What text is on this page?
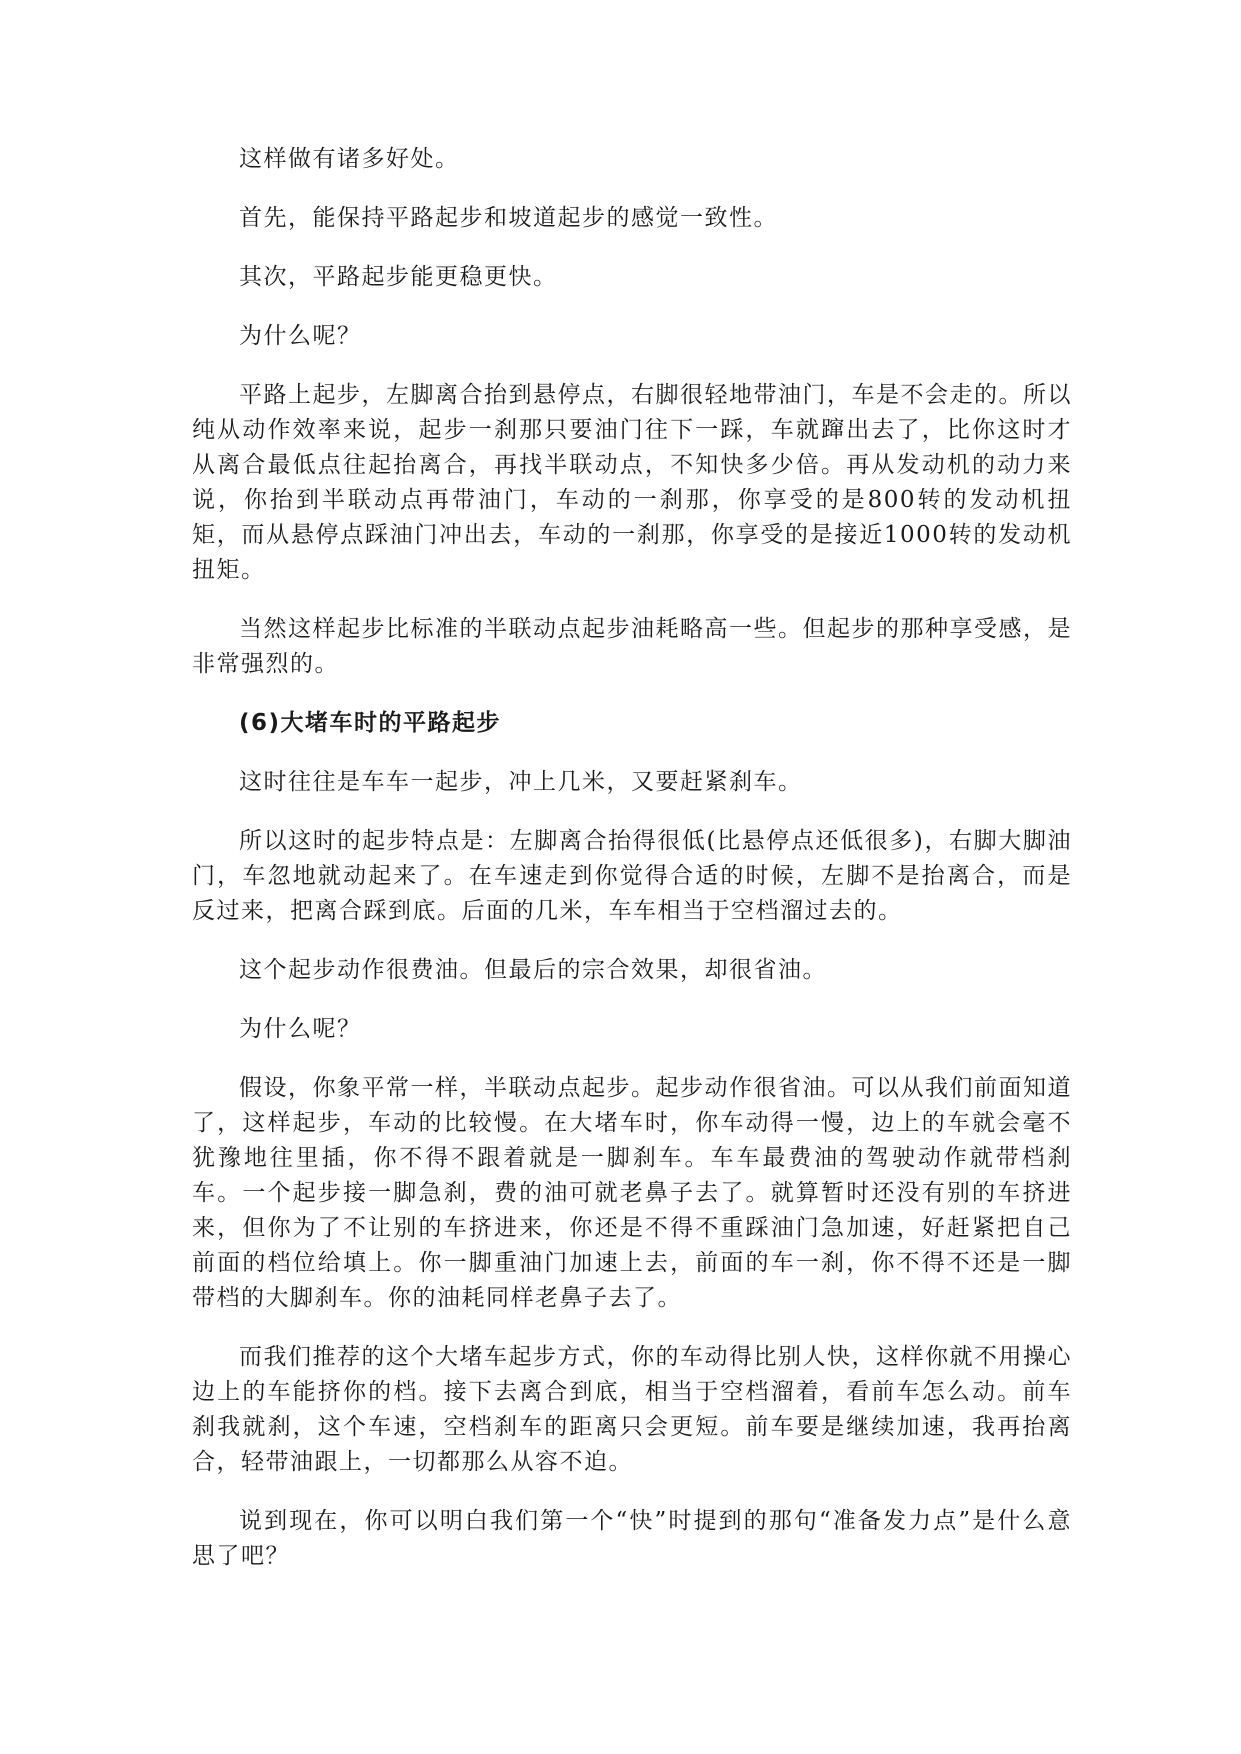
这样做有诸多好处。

首先，能保持平路起步和坡道起步的感觉一致性。

其次，平路起步能更稳更快。

为什么呢？

平路上起步，左脚离合抬到悬停点，右脚很轻地带油门，车是不会走的。所以纯从动作效率来说，起步一刹那只要油门往下一踩，车就蹿出去了，比你这时才从离合最低点往起抬离合，再找半联动点，不知快多少倍。再从发动机的动力来说，你抬到半联动点再带油门，车动的一刹那，你享受的是800转的发动机扭矩，而从悬停点踩油门冲出去，车动的一刹那，你享受的是接近1000转的发动机扭矩。

当然这样起步比标准的半联动点起步油耗略高一些。但起步的那种享受感，是非常强烈的。

(6)大堵车时的平路起步

这时往往是车车一起步，冲上几米，又要赶紧刹车。

所以这时的起步特点是：左脚离合抬得很低(比悬停点还低很多)，右脚大脚油门，车忽地就动起来了。在车速走到你觉得合适的时候，左脚不是抬离合，而是反过来，把离合踩到底。后面的几米，车车相当于空档溜过去的。

这个起步动作很费油。但最后的宗合效果，却很省油。

为什么呢？

假设，你象平常一样，半联动点起步。起步动作很省油。可以从我们前面知道了，这样起步，车动的比较慢。在大堵车时，你车动得一慢，边上的车就会毫不犹豫地往里插，你不得不跟着就是一脚刹车。车车最费油的驾驶动作就带档刹车。一个起步接一脚急刹，费的油可就老鼻子去了。就算暂时还没有别的车挤进来，但你为了不让别的车挤进来，你还是不得不重踩油门急加速，好赶紧把自己前面的档位给填上。你一脚重油门加速上去，前面的车一刹，你不得不还是一脚带档的大脚刹车。你的油耗同样老鼻子去了。

而我们推荐的这个大堵车起步方式，你的车动得比别人快，这样你就不用操心边上的车能挤你的档。接下去离合到底，相当于空档溜着，看前车怎么动。前车刹我就刹，这个车速，空档刹车的距离只会更短。前车要是继续加速，我再抬离合，轻带油跟上，一切都那么从容不迫。

说到现在，你可以明白我们第一个“快”时提到的那句“准备发力点”是什么意思了吧？
